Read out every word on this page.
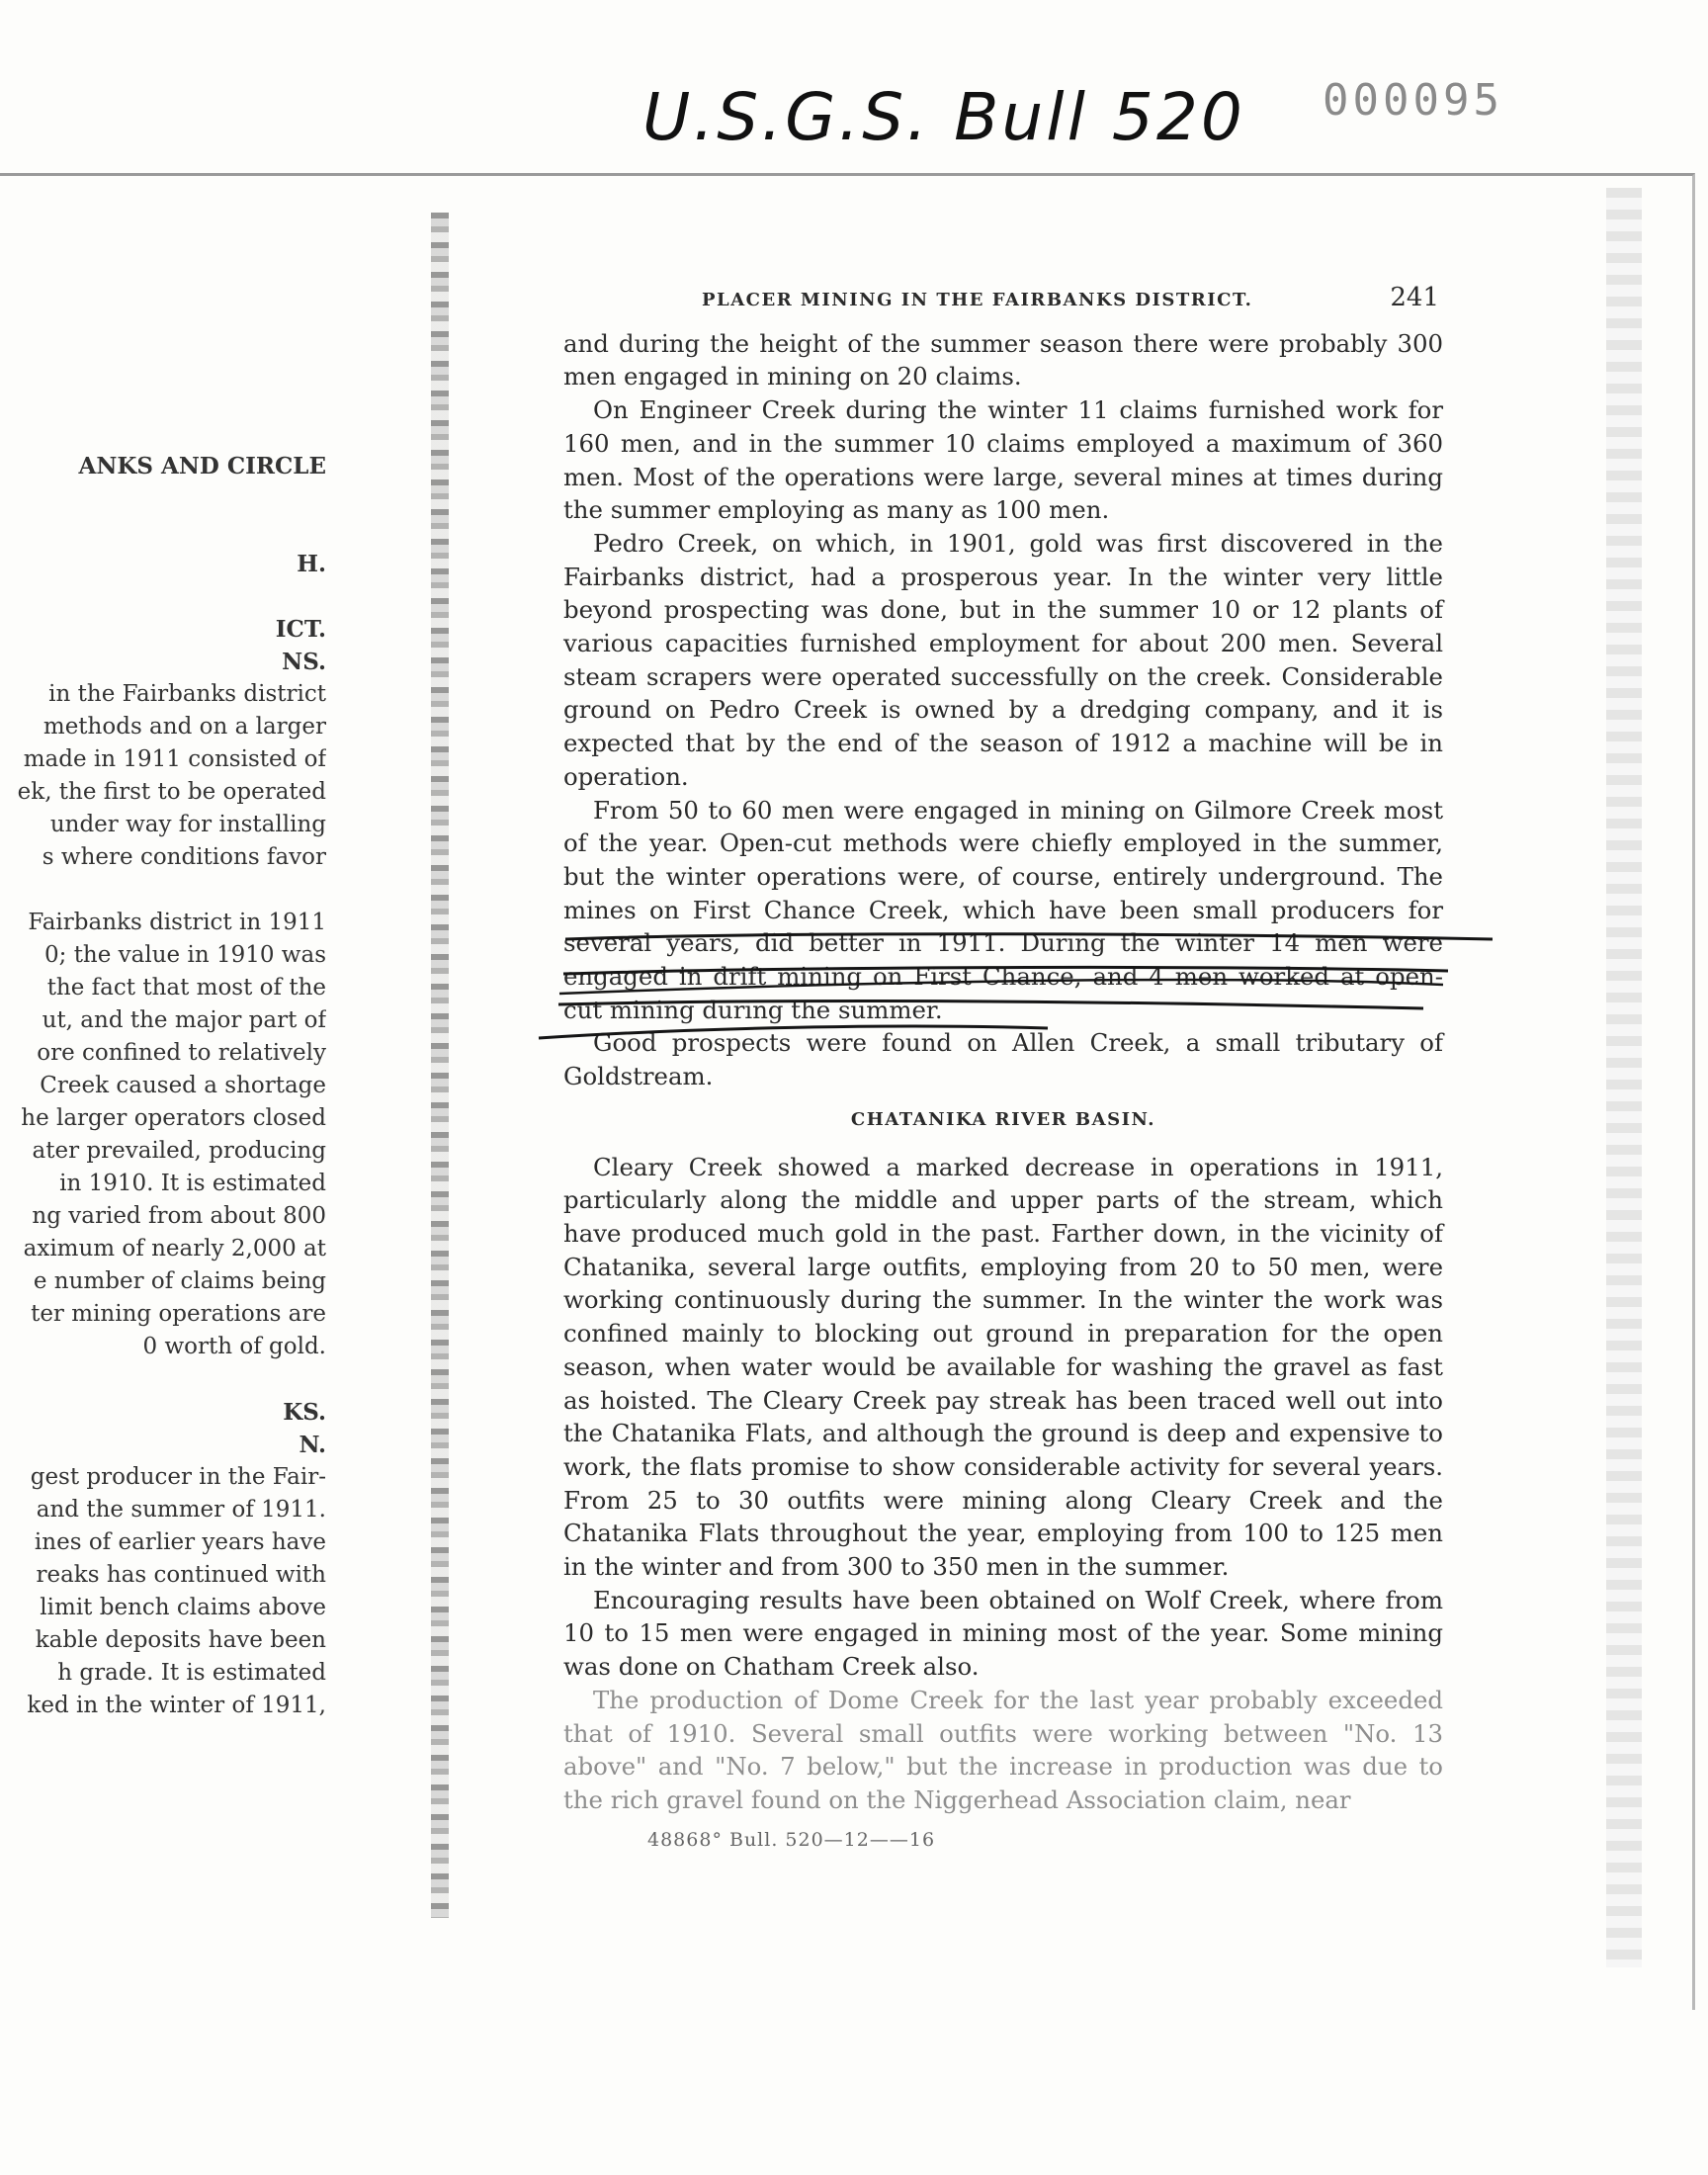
U.S.G.S. Bull 520 000095
ANKS AND CIRCLE

H.

ICT.
NS.
in the Fairbanks district
methods and on a larger
made in 1911 consisted of
ek, the first to be operated
under way for installing
s where conditions favor

Fairbanks district in 1911
0; the value in 1910 was
the fact that most of the
ut, and the major part of
ore confined to relatively
Creek caused a shortage
he larger operators closed
ater prevailed, producing
in 1910. It is estimated
ng varied from about 800
aximum of nearly 2,000 at
e number of claims being
ter mining operations are
0 worth of gold.

KS.
N.
gest producer in the Fair-
and the summer of 1911.
ines of earlier years have
reaks has continued with
limit bench claims above
kable deposits have been
h grade. It is estimated
ked in the winter of 1911,
PLACER MINING IN THE FAIRBANKS DISTRICT.	241

and during the height of the summer season there were probably 300 men engaged in mining on 20 claims.

On Engineer Creek during the winter 11 claims furnished work for 160 men, and in the summer 10 claims employed a maximum of 360 men. Most of the operations were large, several mines at times during the summer employing as many as 100 men.

Pedro Creek, on which, in 1901, gold was first discovered in the Fairbanks district, had a prosperous year. In the winter very little beyond prospecting was done, but in the summer 10 or 12 plants of various capacities furnished employment for about 200 men. Several steam scrapers were operated successfully on the creek. Considerable ground on Pedro Creek is owned by a dredging company, and it is expected that by the end of the season of 1912 a machine will be in operation.

From 50 to 60 men were engaged in mining on Gilmore Creek most of the year. Open-cut methods were chiefly employed in the summer, but the winter operations were, of course, entirely underground. The mines on First Chance Creek, which have been small producers for several years, did better in 1911. During the winter 14 men were engaged in drift mining on First Chance, and 4 men worked at open-cut mining during the summer.

Good prospects were found on Allen Creek, a small tributary of Goldstream.

CHATANIKA RIVER BASIN.

Cleary Creek showed a marked decrease in operations in 1911, particularly along the middle and upper parts of the stream, which have produced much gold in the past. Farther down, in the vicinity of Chatanika, several large outfits, employing from 20 to 50 men, were working continuously during the summer. In the winter the work was confined mainly to blocking out ground in preparation for the open season, when water would be available for washing the gravel as fast as hoisted. The Cleary Creek pay streak has been traced well out into the Chatanika Flats, and although the ground is deep and expensive to work, the flats promise to show considerable activity for several years. From 25 to 30 outfits were mining along Cleary Creek and the Chatanika Flats throughout the year, employing from 100 to 125 men in the winter and from 300 to 350 men in the summer.

Encouraging results have been obtained on Wolf Creek, where from 10 to 15 men were engaged in mining most of the year. Some mining was done on Chatham Creek also.

The production of Dome Creek for the last year probably exceeded that of 1910. Several small outfits were working between "No. 13 above" and "No. 7 below," but the increase in production was due to the rich gravel found on the Niggerhead Association claim, near

48868° Bull. 520—12——16
